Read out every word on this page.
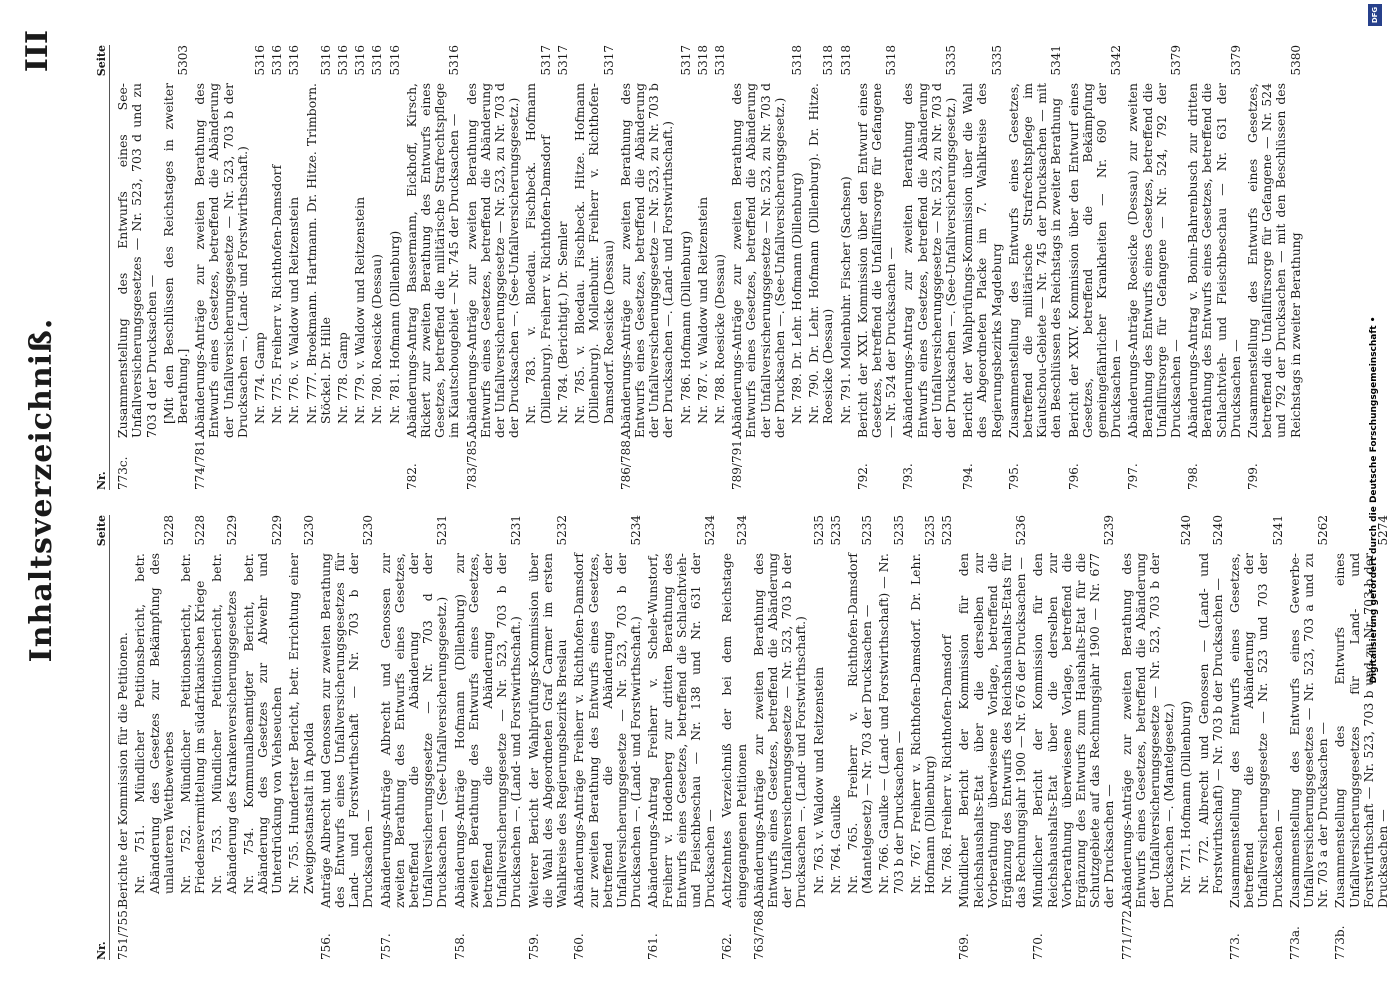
Inhaltsverzeichniß.
III
Nr.
Seite
751/755.
Berichte der Kommission für die Petitionen. Nr. 751. Mündlicher Petitionsbericht, betr. Abänderung des Gesetzes zur Bekämpfung des unlauteren Wettbewerbes
5228
Nr. 752. Mündlicher Petitionsbericht, betr. Friedensvermittelung im südafrikanischen Kriege
5228
Nr. 753. Mündlicher Petitionsbericht, betr. Abänderung des Krankenversicherungsgesetzes
5229
Nr. 754. Kommunalbeamtigter Bericht, betr. Abänderung des Gesetzes zur Abwehr und Unterdrückung von Viehseuchen
5229
Nr. 755. Hundertster Bericht, betr. Errichtung einer Zweigpostanstalt in Apolda
5230
756.
Anträge Albrecht und Genossen zur zweiten Berathung des Entwurfs eines Unfallversicherungsgesetzes für Land- und Forstwirthschaft — Nr. 703 b der Drucksachen —
5230
757.
Abänderungs-Anträge Albrecht und Genossen zur zweiten Berathung des Entwurfs eines Gesetzes, betreffend die Abänderung der Unfallversicherungsgesetze — Nr. 703 d der Drucksachen — (See-Unfallversicherungsgesetz.)
5231
758.
Abänderungs-Anträge Hofmann (Dillenburg) zur zweiten Berathung des Entwurfs eines Gesetzes, betreffend die Abänderung der Unfallversicherungsgesetze — Nr. 523, 703 b der Drucksachen —. (Land- und Forstwirthschaft.)
5231
759.
Weiterer Bericht der Wahlprüfungs-Kommission über die Wahl des Abgeordneten Graf Carmer im ersten Wahlkreise des Regierungsbezirks Breslau
5232
760.
Abänderungs-Anträge Freiherr v. Richthofen-Damsdorf zur zweiten Berathung des Entwurfs eines Gesetzes, betreffend die Abänderung der Unfallversicherungsgesetze — Nr. 523, 703 b der Drucksachen —. (Land- und Forstwirthschaft.)
5234
761.
Abänderungs-Antrag Freiherr v. Schele-Wunstorf, Freiherr v. Hodenberg zur dritten Berathung des Entwurfs eines Gesetzes, betreffend die Schlachtvieh- und Fleischbeschau — Nr. 138 und Nr. 631 der Drucksachen —
5234
762.
Achtzehntes Verzeichniß der bei dem Reichstage eingegangenen Petitionen
5234
763/768.
Abänderungs-Anträge zur zweiten Berathung des Entwurfs eines Gesetzes, betreffend die Abänderung der Unfallversicherungsgesetze — Nr. 523, 703 b der Drucksachen —. (Land- und Forstwirthschaft.) Nr. 763. v. Waldow und Reitzenstein
5235
Nr. 764. Gaulke
5235
Nr. 765. Freiherr v. Richthofen-Damsdorf (Mantelgesetz) — Nr. 703 der Drucksachen —
5235
Nr. 766. Gaulke — (Land- und Forstwirthschaft) — Nr. 703 b der Drucksachen —
5235
Nr. 767. Freiherr v. Richthofen-Damsdorf. Dr. Lehr. Hofmann (Dillenburg)
5235
Nr. 768. Freiherr v. Richthofen-Damsdorf
5235
769.
Mündlicher Bericht der Kommission für den Reichshaushalts-Etat über die derselben zur Vorberathung überwiesene Vorlage, betreffend die Ergänzung des Entwurfs des Reichshaushalts-Etats für das Rechnungsjahr 1900 — Nr. 676 der Drucksachen —
5236
770.
Mündlicher Bericht der Kommission für den Reichshaushalts-Etat über die derselben zur Vorberathung überwiesene Vorlage, betreffend die Ergänzung des Entwurfs zum Haushalts-Etat für die Schutzgebiete auf das Rechnungsjahr 1900 — Nr. 677 der Drucksachen —
5239
771/772.
Abänderungs-Anträge zur zweiten Berathung des Entwurfs eines Gesetzes, betreffend die Abänderung der Unfallversicherungsgesetze — Nr. 523, 703 b der Drucksachen —. (Mantelgesetz.) Nr. 771. Hofmann (Dillenburg)
5240
Nr. 772. Albrecht und Genossen — (Land- und Forstwirthschaft) — Nr. 703 b der Drucksachen —
5240
773.
Zusammenstellung des Entwurfs eines Gesetzes, betreffend die Abänderung der Unfallversicherungsgesetze — Nr. 523 und 703 der Drucksachen —
5241
773a.
Zusammenstellung des Entwurfs eines Gewerbe-Unfallversicherungsgesetzes — Nr. 523, 703 a und zu Nr. 703 a der Drucksachen —
5262
773b.
Zusammenstellung des Entwurfs eines Unfallversicherungsgesetzes für Land- und Forstwirthschaft — Nr. 523, 703 b und zu Nr. 703 b der Drucksachen —
5274
Nr.
Seite
773c.
Zusammenstellung des Entwurfs eines See-Unfallversicherungsgesetzes — Nr. 523, 703 d und zu 703 d der Drucksachen — [Mit den Beschlüssen des Reichstages in zweiter Berathung.]
5303
774/781.
Abänderungs-Anträge zur zweiten Berathung des Entwurfs eines Gesetzes, betreffend die Abänderung der Unfallversicherungsgesetze — Nr. 523, 703 b der Drucksachen —. (Land- und Forstwirthschaft.) Nr. 774. Gamp
5316
Nr. 775. Freiherr v. Richthofen-Damsdorf
5316
Nr. 776. v. Waldow und Reitzenstein
5316
Nr. 777. Broekmann. Hartmann. Dr. Hitze. Trimborn. Stöckel. Dr. Hille
5316
Nr. 778. Gamp
5316
Nr. 779. v. Waldow und Reitzenstein
5316
Nr. 780. Roesicke (Dessau)
5316
Nr. 781. Hofmann (Dillenburg)
5316
782.
Abänderungs-Antrag Bassermann, Eickhoff, Kirsch, Rickert zur zweiten Berathung des Entwurfs eines Gesetzes, betreffend die militärische Strafrechtspflege im Kiautschougebiet — Nr. 745 der Drucksachen —
5316
783/785.
Abänderungs-Anträge zur zweiten Berathung des Entwurfs eines Gesetzes, betreffend die Abänderung der Unfallversicherungsgesetze — Nr. 523, zu Nr. 703 d der Drucksachen —. (See-Unfallversicherungsgesetz.) Nr. 783. v. Bloedau. Fischbeck. Hofmann (Dillenburg). Freiherr v. Richthofen-Damsdorf
5317
Nr. 784. (Berichtigt.) Dr. Semler
5317
Nr. 785. v. Bloedau. Fischbeck. Hitze. Hofmann (Dillenburg). Mollenbuhr. Freiherr v. Richthofen-Damsdorf. Roesicke (Dessau)
5317
786/788.
Abänderungs-Anträge zur zweiten Berathung des Entwurfs eines Gesetzes, betreffend die Abänderung der Unfallversicherungsgesetze — Nr. 523, zu Nr. 703 b der Drucksachen —. (Land- und Forstwirthschaft.) Nr. 786. Hofmann (Dillenburg)
5317
Nr. 787. v. Waldow und Reitzenstein
5318
Nr. 788. Roesicke (Dessau)
5318
789/791.
Abänderungs-Anträge zur zweiten Berathung des Entwurfs eines Gesetzes, betreffend die Abänderung der Unfallversicherungsgesetze — Nr. 523, zu Nr. 703 d der Drucksachen —. (See-Unfallversicherungsgesetz.) Nr. 789. Dr. Lehr. Hofmann (Dillenburg)
5318
Nr. 790. Dr. Lehr. Hofmann (Dillenburg). Dr. Hitze. Roesicke (Dessau)
5318
Nr. 791. Mollenbuhr. Fischer (Sachsen)
5318
792.
Bericht der XXI. Kommission über den Entwurf eines Gesetzes, betreffend die Unfallfürsorge für Gefangene — Nr. 524 der Drucksachen —
5318
793.
Abänderungs-Antrag zur zweiten Berathung des Entwurfs eines Gesetzes, betreffend die Abänderung der Unfallversicherungsgesetze — Nr. 523, zu Nr. 703 d der Drucksachen —. (See-Unfallversicherungsgesetz.)
5335
794.
Bericht der Wahlprüfungs-Kommission über die Wahl des Abgeordneten Placke im 7. Wahlkreise des Regierungsbezirks Magdeburg
5335
795.
Zusammenstellung des Entwurfs eines Gesetzes, betreffend die militärische Strafrechtspflege im Kiautschou-Gebiete — Nr. 745 der Drucksachen — mit den Beschlüssen des Reichstags in zweiter Berathung
5341
796.
Bericht der XXIV. Kommission über den Entwurf eines Gesetzes, betreffend die Bekämpfung gemeingefährlicher Krankheiten — Nr. 690 der Drucksachen —
5342
797.
Abänderungs-Anträge Roesicke (Dessau) zur zweiten Berathung des Entwurfs eines Gesetzes, betreffend die Unfallfürsorge für Gefangene — Nr. 524, 792 der Drucksachen —
5379
798.
Abänderungs-Antrag v. Bonin-Bahrenbusch zur dritten Berathung des Entwurfs eines Gesetzes, betreffend die Schlachtvieh- und Fleischbeschau — Nr. 631 der Drucksachen —
5379
799.
Zusammenstellung des Entwurfs eines Gesetzes, betreffend die Unfallfürsorge für Gefangene — Nr. 524 und 792 der Drucksachen — mit den Beschlüssen des Reichstags in zweiter Berathung
5380
DFG
Digitalisierung gefördert durch die Deutsche Forschungsgemeinschaft •
